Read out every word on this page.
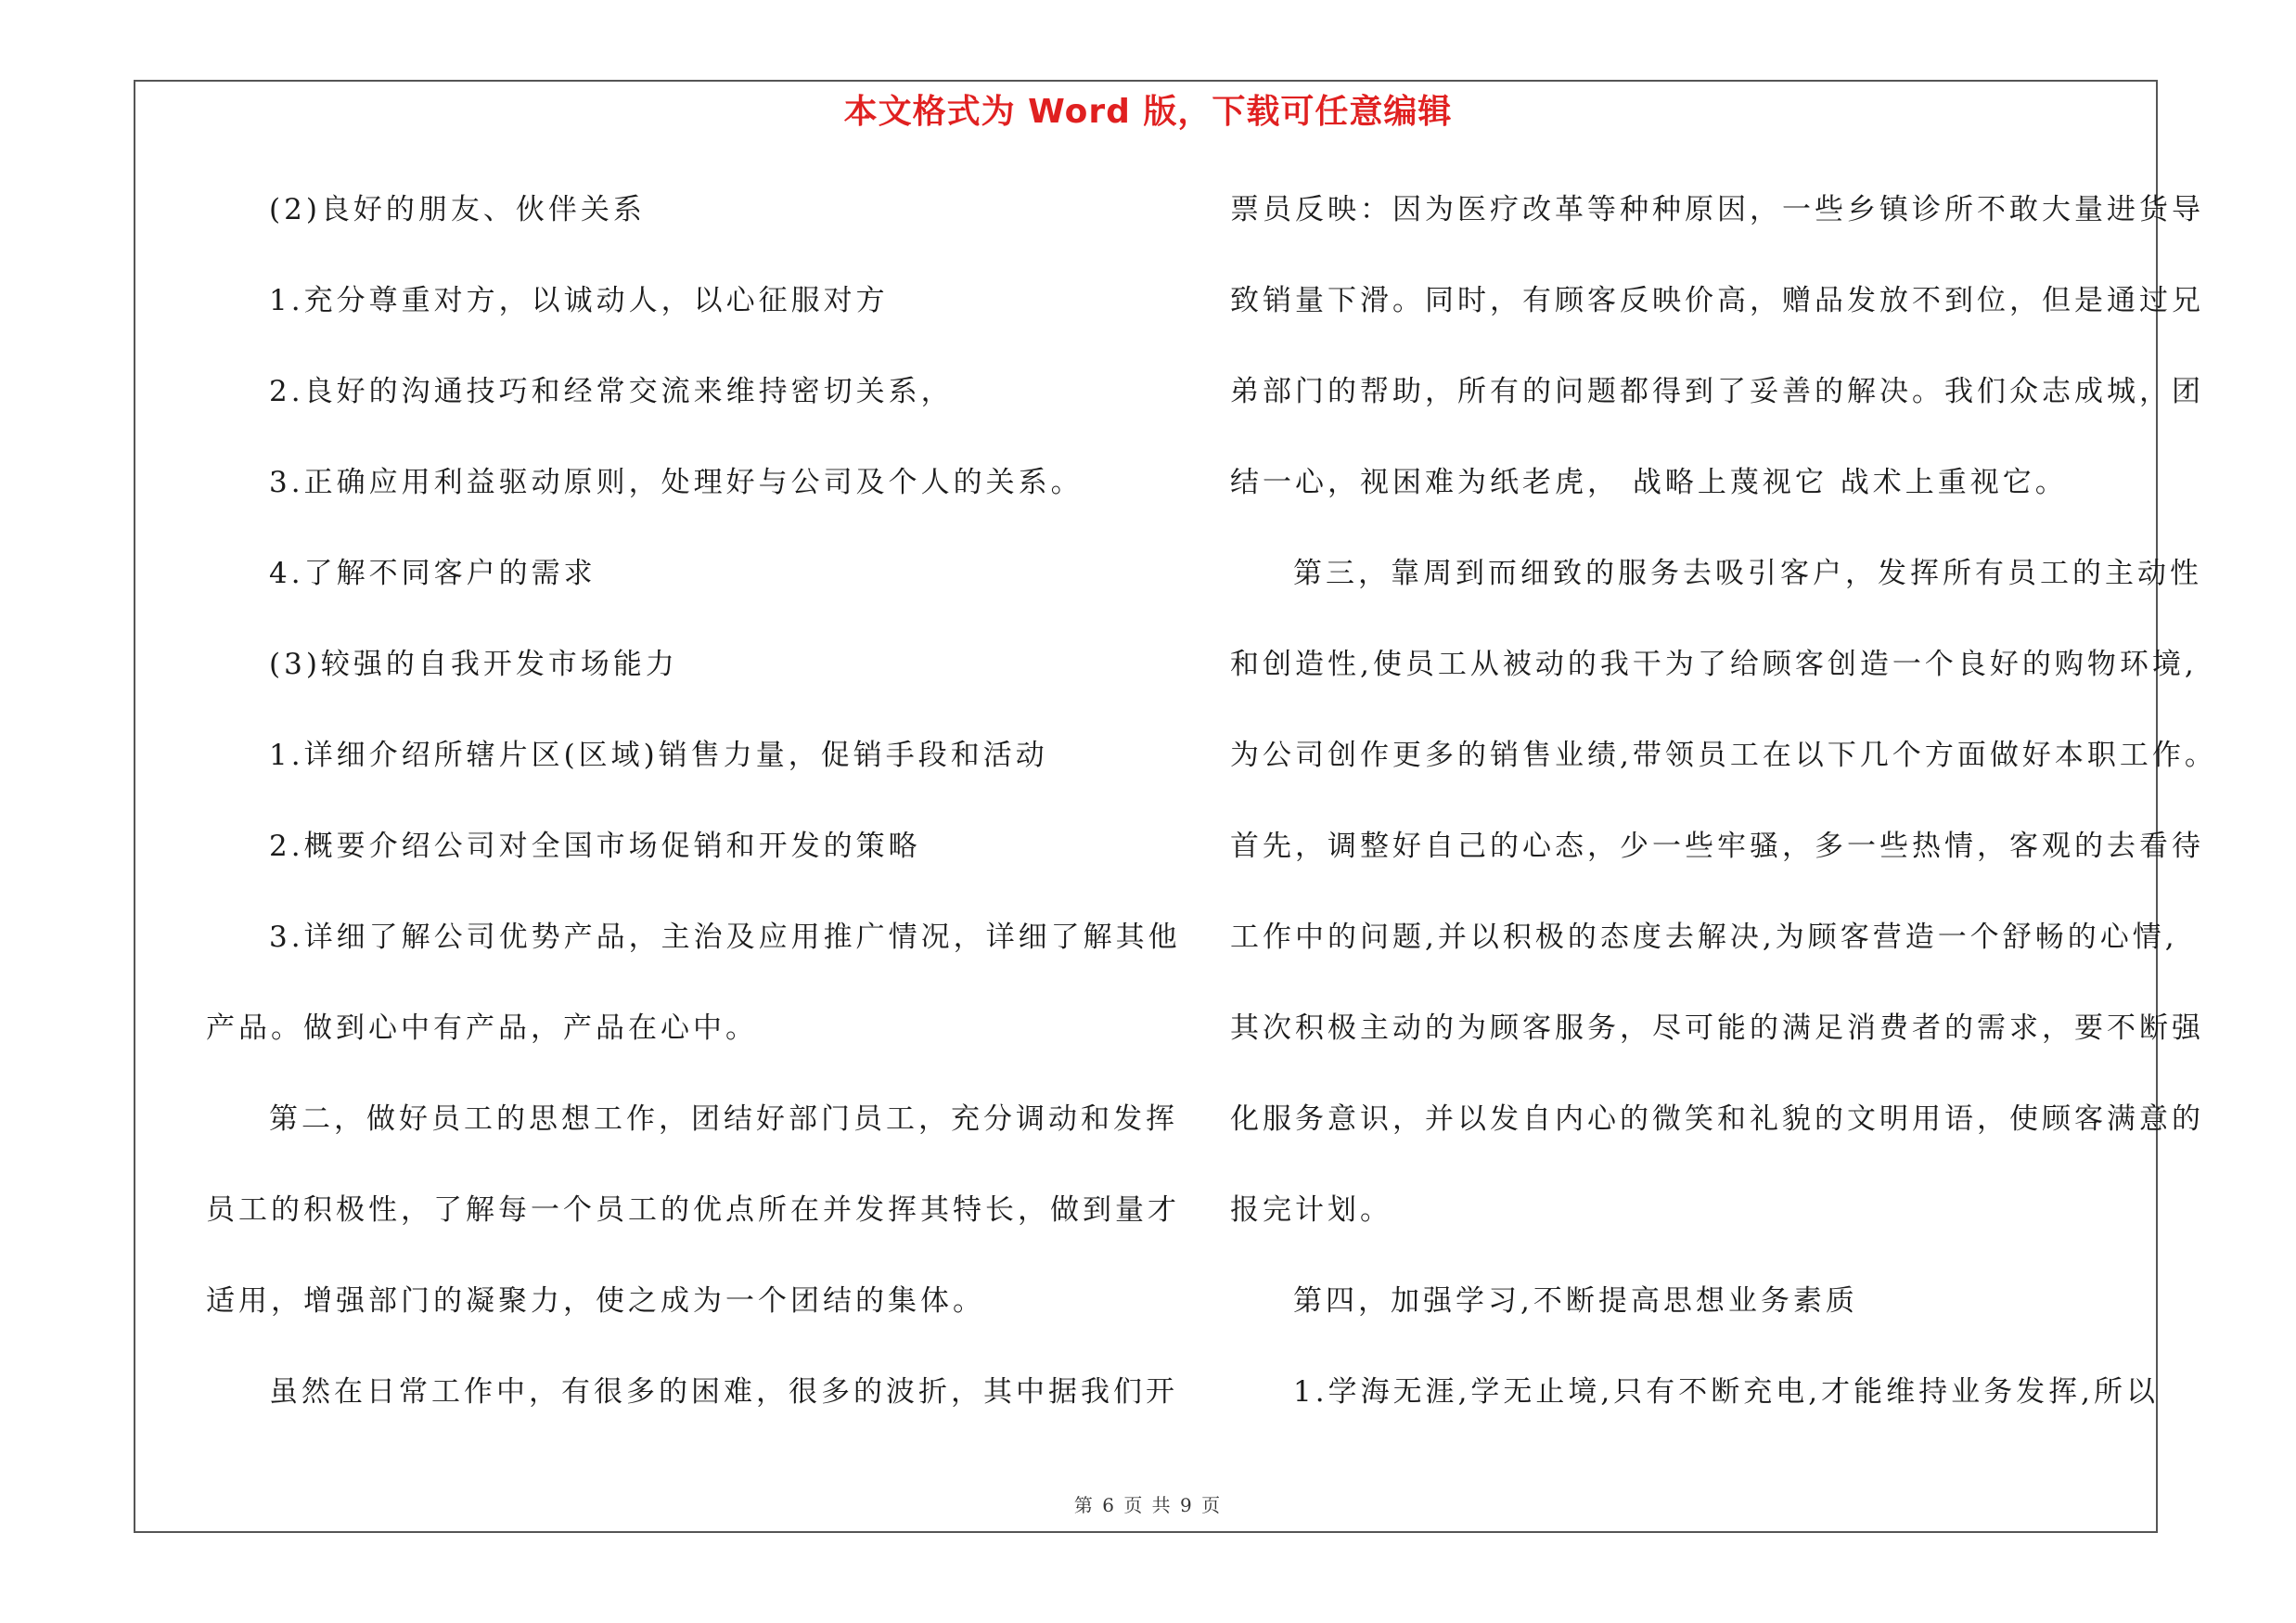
本文格式为 Word 版，下载可任意编辑
(2)良好的朋友、伙伴关系
1.充分尊重对方，以诚动人，以心征服对方
2.良好的沟通技巧和经常交流来维持密切关系，
3.正确应用利益驱动原则，处理好与公司及个人的关系。
4.了解不同客户的需求
(3)较强的自我开发市场能力
1.详细介绍所辖片区(区域)销售力量，促销手段和活动
2.概要介绍公司对全国市场促销和开发的策略
3.详细了解公司优势产品，主治及应用推广情况，详细了解其他
产品。做到心中有产品，产品在心中。
第二，做好员工的思想工作，团结好部门员工，充分调动和发挥
员工的积极性，了解每一个员工的优点所在并发挥其特长，做到量才
适用，增强部门的凝聚力，使之成为一个团结的集体。
虽然在日常工作中，有很多的困难，很多的波折，其中据我们开
票员反映：因为医疗改革等种种原因，一些乡镇诊所不敢大量进货导
致销量下滑。同时，有顾客反映价高，赠品发放不到位，但是通过兄
弟部门的帮助，所有的问题都得到了妥善的解决。我们众志成城，团
结一心，视困难为纸老虎， 战略上蔑视它 战术上重视它。
第三，靠周到而细致的服务去吸引客户，发挥所有员工的主动性
和创造性,使员工从被动的我干为了给顾客创造一个良好的购物环境,
为公司创作更多的销售业绩,带领员工在以下几个方面做好本职工作。
首先，调整好自己的心态，少一些牢骚，多一些热情，客观的去看待
工作中的问题,并以积极的态度去解决,为顾客营造一个舒畅的心情,
其次积极主动的为顾客服务，尽可能的满足消费者的需求，要不断强
化服务意识，并以发自内心的微笑和礼貌的文明用语，使顾客满意的
报完计划。
第四，加强学习,不断提高思想业务素质
1.学海无涯,学无止境,只有不断充电,才能维持业务发挥,所以
第 6 页 共 9 页
